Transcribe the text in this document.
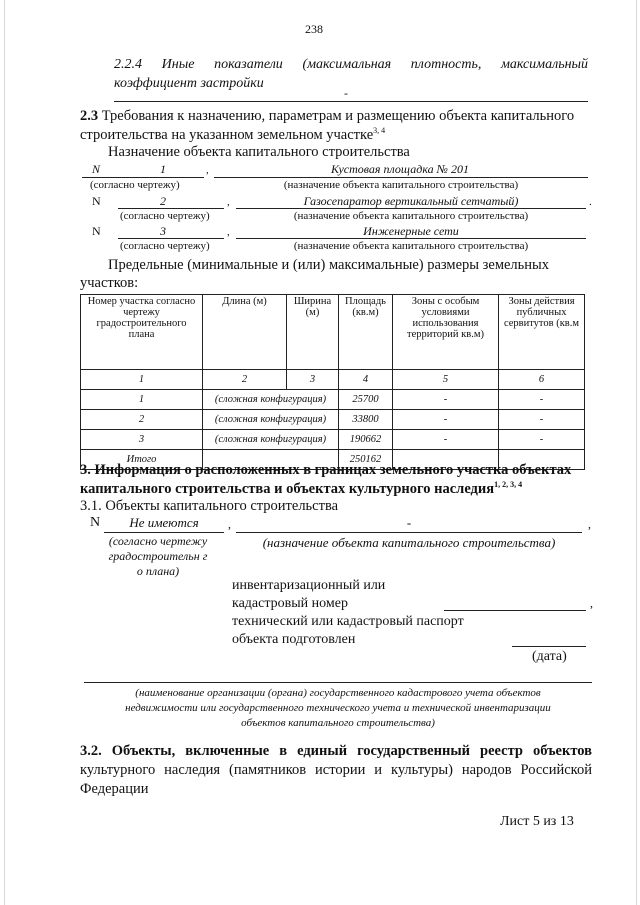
238
2.2.4 Иные показатели (максимальная плотность, максимальный коэффициент застройки
-
2.3 Требования к назначению, параметрам и размещению объекта капитального
строительства на указанном земельном участке$^{3, 4}$
Назначение объекта капитального строительства
N	1	,	Кустовая площадка № 201
(согласно чертежу)	(назначение объекта капитального строительства)
N	2	,	Газосепаратор вертикальный сетчатый)	.
(согласно чертежу)	(назначение объекта капитального строительства)
N	3	,	Инженерные сети
(согласно чертежу)	(назначение объекта капитального строительства)
Предельные (минимальные и (или) максимальные) размеры земельных
участков:
Номер участка согласно чертежу градостроительного плана	Длина (м)	Ширина (м)	Площадь (кв.м)	Зоны с особым условиями использования территорий кв.м)	Зоны действия публичных сервитутов (кв.м
1	2	3	4	5	6
1	(сложная конфигурация)		25700	-	-
2	(сложная конфигурация)		33800	-	-
3	(сложная конфигурация)		190662	-	-
Итого			250162		
3. Информация о расположенных в границах земельного участка объектах
капитального строительства и объектах культурного наследия$^{1, 2, 3, 4}$
3.1. Объекты капитального строительства
N	Не имеются	,	-	,
(согласно чертежу
градостроительн г
о плана)
(назначение объекта капитального строительства)
инвентаризационный или
кадастровый номер	,
технический или кадастровый паспорт
объекта подготовлен
(дата)
(наименование организации (органа) государственного кадастрового учета объектов
недвижимости или государственного технического учета и технической инвентаризации
объектов капитального строительства)
3.2. Объекты, включенные в единый государственный реестр объектов
культурного наследия (памятников истории и культуры) народов Российской
Федерации
Лист 5 из 13
